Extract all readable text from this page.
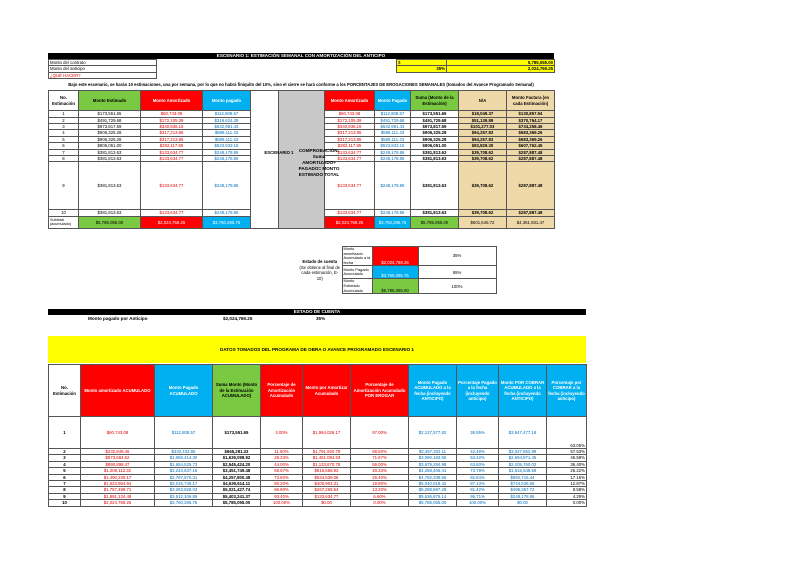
ESCENARIO 1: ESTIMACIÓN SEMANAL CON AMORTIZACIÓN DEL ANTICIPO
Monto del contrato		$	5,785,055.00
Monto del anticipo		35%	2,024,769.25
¿QUÉ HACER?			
Bajo este escenario, se harán 10 estimaciones, una por semana, por lo que no habrá finiquito del 10%, sino el cierre se hará conforme a los PORCENTAJES DE EROGACIONES SEMANALES (tomados del Avance Programado Semanal)
No. Estimación	Monto Estimado	Monto Amortizado	Monto pagado			Monto Amortizado	Monto Pagado	Suma (Monto de la Estimación)	N/A	Monto Factura (en cada Estimación)
1	$173,551.65	$60,743.08	$112,808.57			$60,743.08	$112,808.57	$173,551.65	$18,049.37	$130,857.94
2	$491,729.68	$172,105.39	$319,624.29			$172,105.39	$491,729.68	$491,729.68	$51,139.89	$370,764.17
3	$973,817.59	$340,836.16	$632,981.43			$340,836.16	$632,981.43	$973,817.59	$101,277.03	$734,258.46
4	$906,325.28	$317,213.85	$589,111.43			$317,213.85	$589,111.43	$906,325.28	$94,257.83	$683,369.26
5	$906,325.28	$317,213.85	$589,111.43			$317,213.85	$589,111.43	$906,325.28	$94,257.83	$683,369.26
6	$806,051.00	$282,117.85	$523,933.15			$282,117.85	$523,933.15	$806,051.00	$83,829.30	$607,762.45
7	$381,813.63	$133,634.77	$248,178.86			$133,634.77	$248,178.86	$381,813.63	$39,708.62	$287,887.48
8	$381,813.63	$133,634.77	$248,178.86			$133,634.77	$248,178.86	$381,813.63	$39,708.62	$287,887.48
9	$381,813.63	$133,634.77	$248,178.86			$133,634.77	$248,178.86	$381,813.63	$39,708.62	$287,887.48
10	$381,813.63	$133,634.77	$248,178.86			$133,634.77	$248,178.86	$381,813.63	$39,708.62	$287,887.48
Subtotal (acumulado)	$5,785,055.00	$2,024,769.25	$3,760,285.75			$2,024,769.25	$3,760,285.75	$5,785,055.00	$601,645.72	$4,361,931.47
ESCENARIO 1	COMPROBACIÓN: Suma AMORTIZADO+ PAGADO= MONTO ESTIMADO TOTAL
Estado de cuenta
(Se obtiene al final de cada estimación, E-10)	Monto amortizado Acumulado a la fecha	$2,024,769.25	35%
	Monto Pagado Acumulado	$3,760,285.75	65%
	Monto Estimado Acumulado	$5,785,055.00	100%
ESTADO DE CUENTA
Monto pagado por Anticipo	$2,024,769.25	35%
DATOS TOMADOS DEL PROGRAMA DE OBRA O AVANCE PROGRAMADO ESCENARIO 1
No. Estimación	Monto amortizado ACUMULADO	Monto Pagado ACUMULADO	Suma Monto (Monto de la Estimación ACUMULADO)	Porcentaje de Amortización Acumulado	Monto por Amortizar Acumulado	Porcentaje de Amortización Acumulado POR EROGAR	Monto Pagado ACUMULADO a la fecha (incluyendo ANTICIPO)	Porcentaje Pagado a la fecha (incluyendo anticipo)	Monto POR COBRAR ACUMULADO a la fecha (incluyendo ANTICIPO)	Porcentaje por COBRAR a la fecha (incluyendo anticipo)
1	$60,743.08	$112,808.57	$173,551.65	3.00%	$1,964,026.17	97.00%	$2,137,577.82	36.95%	$3,647,477.18	63.05%
2	$232,848.46	$432,432.86	$665,281.33	11.50%	$1,791,920.79	88.50%	$2,457,202.11	42.48%	$3,327,852.89	57.53%
3	$573,684.62	$1,065,414.30	$1,639,098.92	28.33%	$1,451,084.63	71.67%	$3,090,183.55	53.42%	$2,694,871.45	46.58%
4	$890,898.47	$1,654,525.73	$2,545,424.20	44.00%	$1,133,870.78	56.00%	$3,679,294.98	63.60%	$2,105,760.02	36.40%
5	$1,208,112.32	$2,243,637.16	$3,451,749.48	59.67%	$816,656.93	40.33%	$4,268,406.41	73.78%	$1,516,648.59	26.22%
6	$1,490,230.17	$2,767,570.31	$4,257,800.48	73.60%	$534,539.08	26.40%	$4,792,339.56	82.84%	$992,715.44	17.16%
7	$1,623,864.94	$3,015,749.17	$4,639,614.11	80.20%	$400,904.31	19.80%	$5,040,518.42	87.13%	$744,536.58	12.87%
8	$1,757,499.71	$3,263,928.03	$5,021,427.74	86.80%	$267,269.54	13.20%	$5,288,697.28	91.42%	$496,357.72	8.58%
9	$1,891,134.48	$3,512,106.89	$5,403,241.37	93.40%	$133,634.77	6.60%	$5,536,876.14	95.71%	$248,178.86	4.29%
10	$2,024,769.25	$3,760,285.75	$5,785,055.00	100.00%	$0.00	0.00%	$5,785,055.00	100.00%	$0.00	0.00%
